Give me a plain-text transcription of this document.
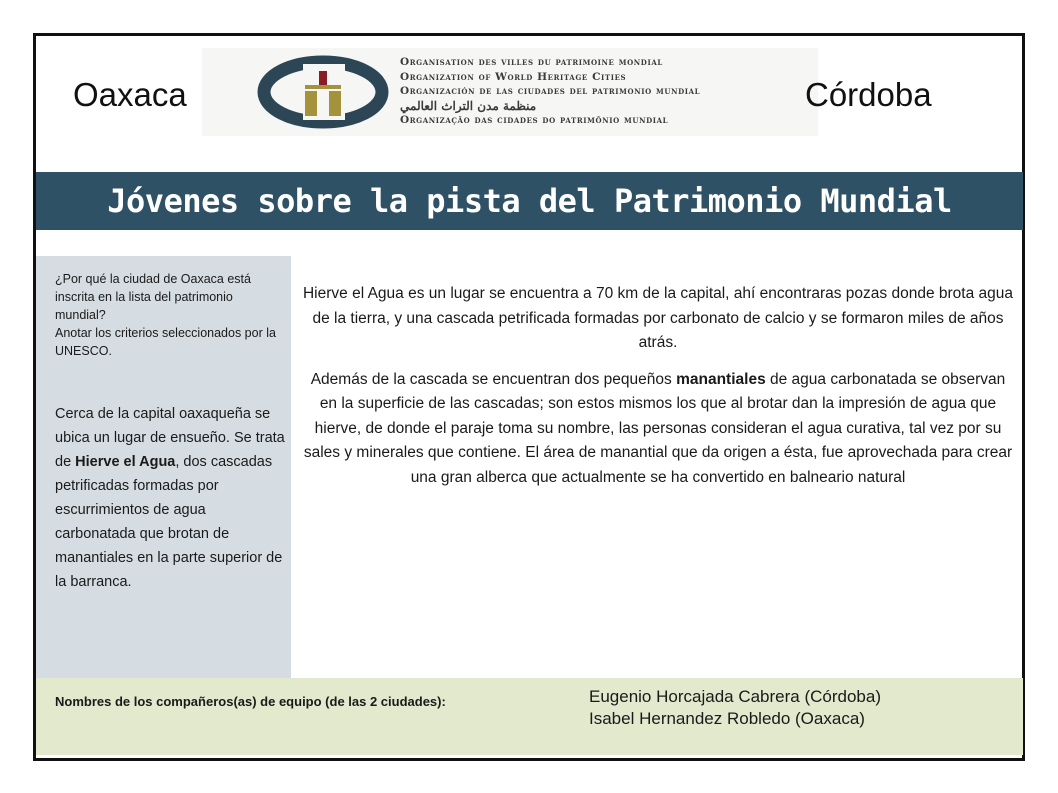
Oaxaca
Organisation des villes du patrimoine mondial
Organization of World Heritage Cities
Organización de las ciudades del patrimonio mundial
منظمة مدن التراث العالمي
Organização das cidades do patrimônio mundial
Córdoba
Jóvenes sobre la pista del Patrimonio Mundial
¿Por qué la ciudad de Oaxaca está inscrita en la lista del patrimonio mundial?
Anotar los criterios seleccionados por la UNESCO.
Cerca de la capital oaxaqueña se ubica un lugar de ensueño. Se trata de Hierve el Agua, dos cascadas petrificadas formadas por escurrimientos de agua carbonatada que brotan de manantiales en la parte superior de la barranca.

Hierve el Agua es un lugar se encuentra a 70 km de la capital, ahí encontraras pozas donde brota agua de la tierra, y una cascada petrificada formadas por carbonato de calcio y se formaron miles de años atrás.

Además de la cascada se encuentran dos pequeños manantiales de agua carbonatada se observan en la superficie de las cascadas; son estos mismos los que al brotar dan la impresión de agua que hierve, de donde el paraje toma su nombre, las personas consideran el agua curativa, tal vez por su sales y minerales que contiene. El área de manantial que da origen a ésta, fue aprovechada para crear una gran alberca que actualmente se ha convertido en balneario natural

Nombres de los compañeros(as) de equipo (de las 2 ciudades):	Eugenio Horcajada Cabrera (Córdoba)
Isabel Hernandez Robledo (Oaxaca)
